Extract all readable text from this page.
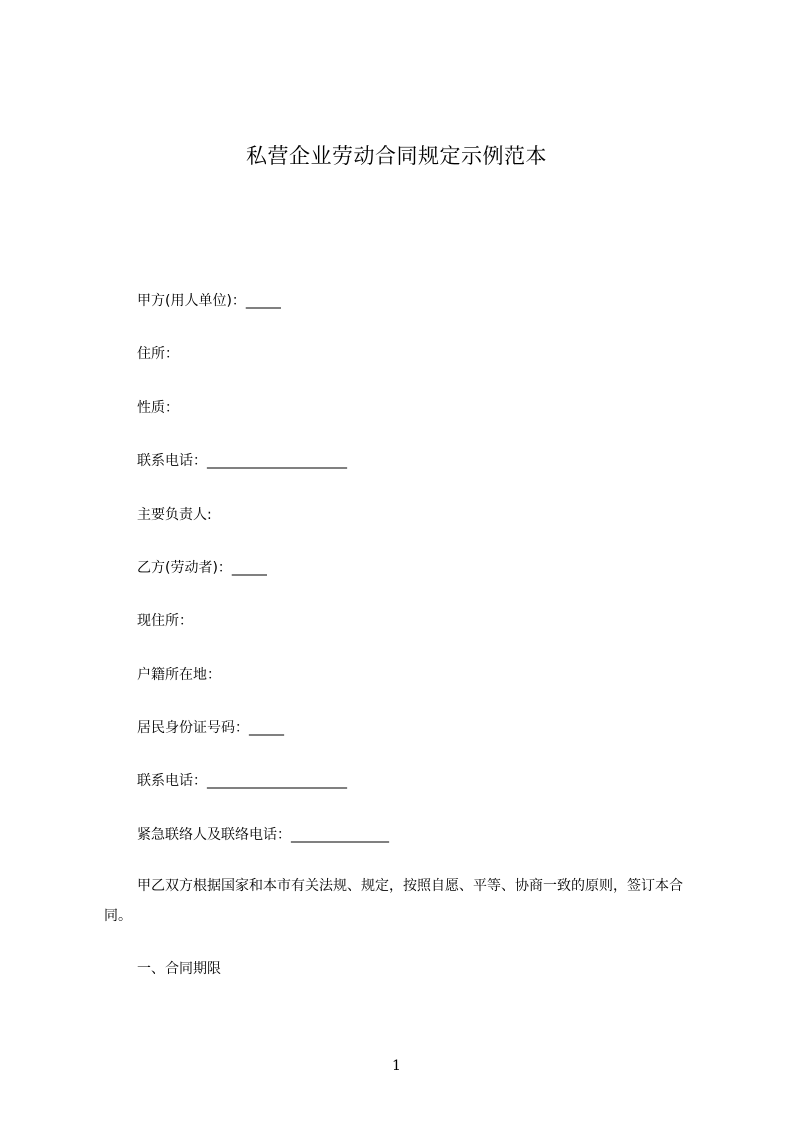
私营企业劳动合同规定示例范本
甲方(用人单位)：_____
住所：
性质：
联系电话：____________________
主要负责人:
乙方(劳动者)：_____
现住所：
户籍所在地：
居民身份证号码：_____
联系电话：____________________
紧急联络人及联络电话：______________
甲乙双方根据国家和本市有关法规、规定，按照自愿、平等、协商一致的原则，签订本合同。
一、合同期限
1
